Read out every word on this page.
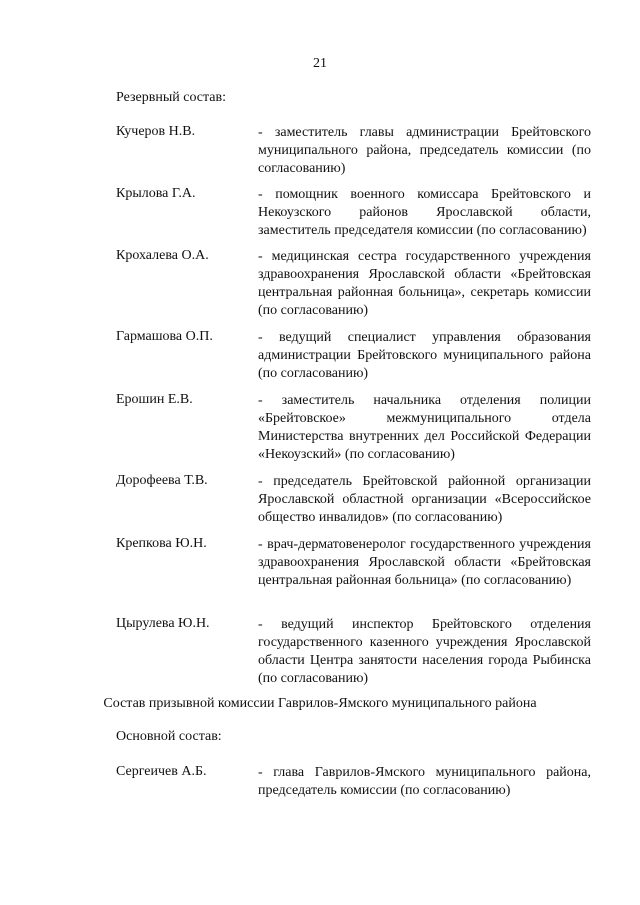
21
Резервный состав:
Кучеров Н.В.	- заместитель главы администрации Брейтовского муниципального района, председатель комиссии (по согласованию)
Крылова Г.А.	- помощник военного комиссара Брейтовского и Некоузского районов Ярославской области, заместитель председателя комиссии (по согласованию)
Крохалева О.А.	- медицинская сестра государственного учреждения здравоохранения Ярославской области «Брейтовская центральная районная больница», секретарь комиссии (по согласованию)
Гармашова О.П.	- ведущий специалист управления образования администрации Брейтовского муниципального района (по согласованию)
Ерошин Е.В.	- заместитель начальника отделения полиции «Брейтовское» межмуниципального отдела Министерства внутренних дел Российской Федерации «Некоузский» (по согласованию)
Дорофеева Т.В.	- председатель Брейтовской районной организации Ярославской областной организации «Всероссийское общество инвалидов» (по согласованию)
Крепкова Ю.Н.	- врач-дерматовенеролог государственного учреждения здравоохранения Ярославской области «Брейтовская центральная районная больница» (по согласованию)
Цырулева Ю.Н.	- ведущий инспектор Брейтовского отделения государственного казенного учреждения Ярославской области Центра занятости населения города Рыбинска (по согласованию)
Состав призывной комиссии Гаврилов-Ямского муниципального района
Основной состав:
Сергеичев А.Б.	- глава Гаврилов-Ямского муниципального района, председатель комиссии (по согласованию)
